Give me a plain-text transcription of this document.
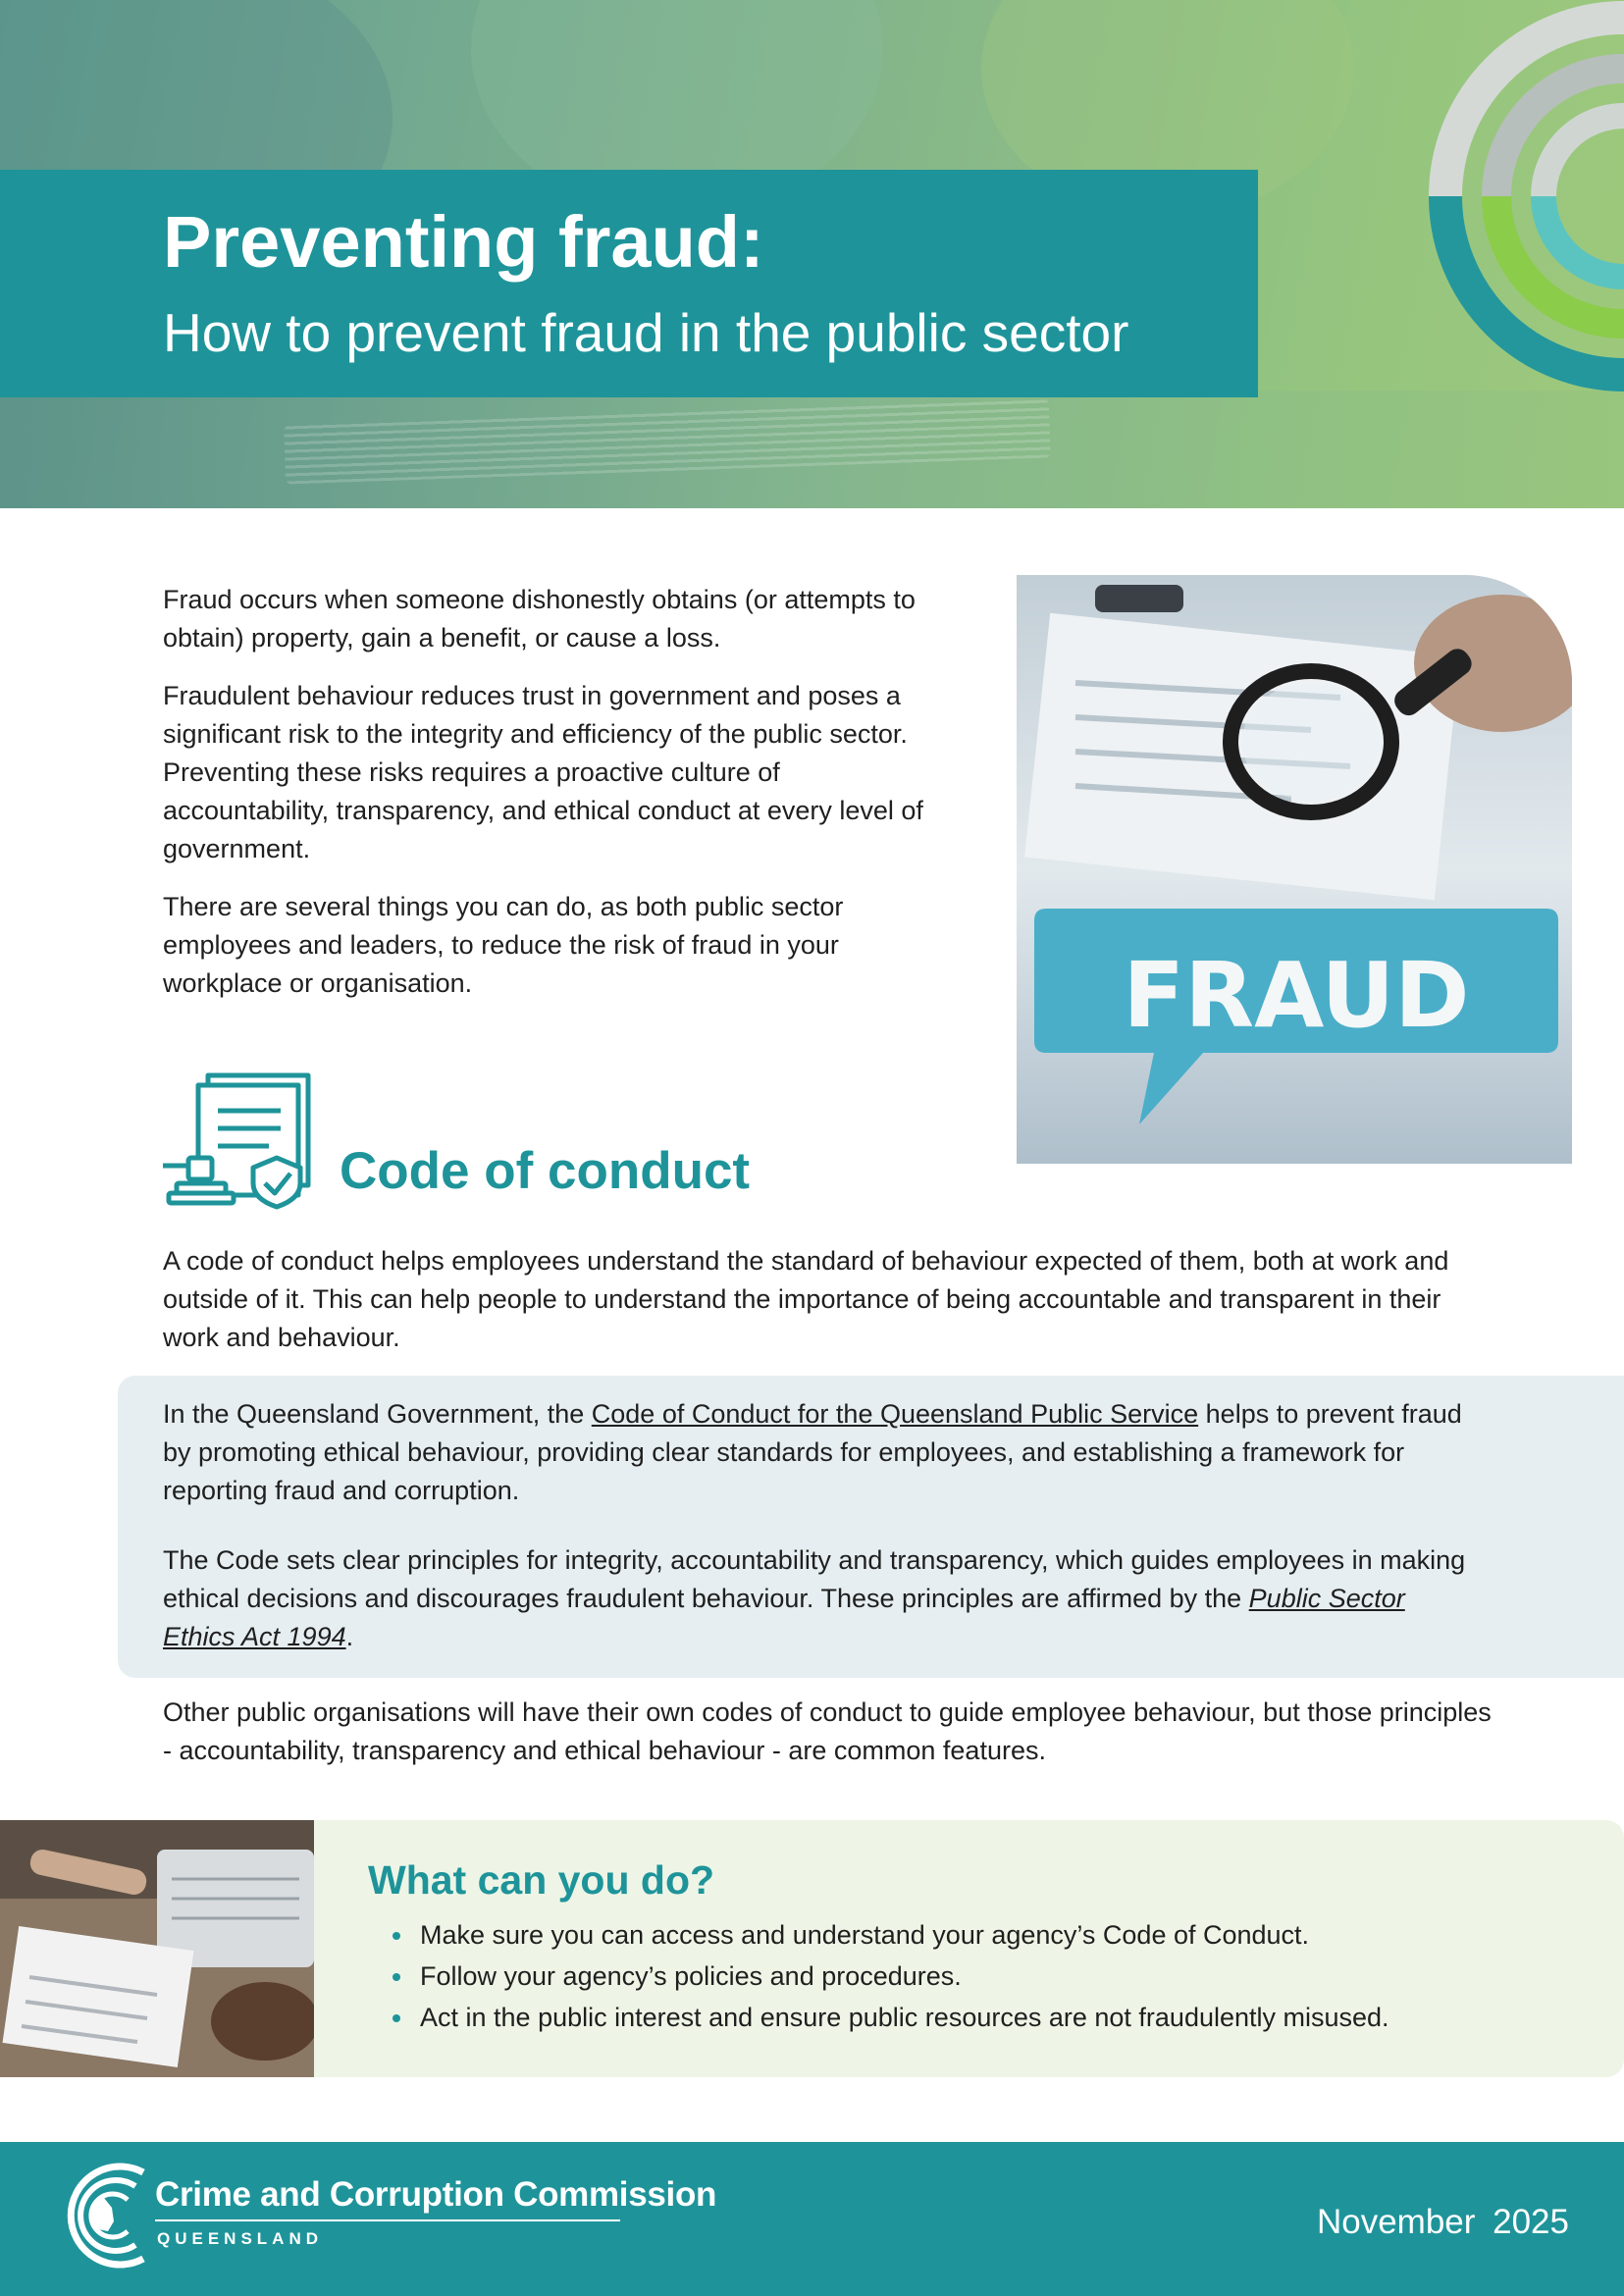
Preventing fraud:
How to prevent fraud in the public sector

Fraud occurs when someone dishonestly obtains (or attempts to obtain) property, gain a benefit, or cause a loss.

Fraudulent behaviour reduces trust in government and poses a significant risk to the integrity and efficiency of the public sector. Preventing these risks requires a proactive culture of accountability, transparency, and ethical conduct at every level of government.

There are several things you can do, as both public sector employees and leaders, to reduce the risk of fraud in your workplace or organisation.	FRAUD
Code of conduct

A code of conduct helps employees understand the standard of behaviour expected of them, both at work and outside of it. This can help people to understand the importance of being accountable and transparent in their work and behaviour.

In the Queensland Government, the Code of Conduct for the Queensland Public Service helps to prevent fraud by promoting ethical behaviour, providing clear standards for employees, and establishing a framework for reporting fraud and corruption.

The Code sets clear principles for integrity, accountability and transparency, which guides employees in making ethical decisions and discourages fraudulent behaviour. These principles are affirmed by the Public Sector Ethics Act 1994.

Other public organisations will have their own codes of conduct to guide employee behaviour, but those principles - accountability, transparency and ethical behaviour - are common features.

What can you do?
Make sure you can access and understand your agency’s Code of Conduct.
Follow your agency’s policies and procedures.
Act in the public interest and ensure public resources are not fraudulently misused.
Crime and Corruption Commission
QUEENSLAND	November 2025
